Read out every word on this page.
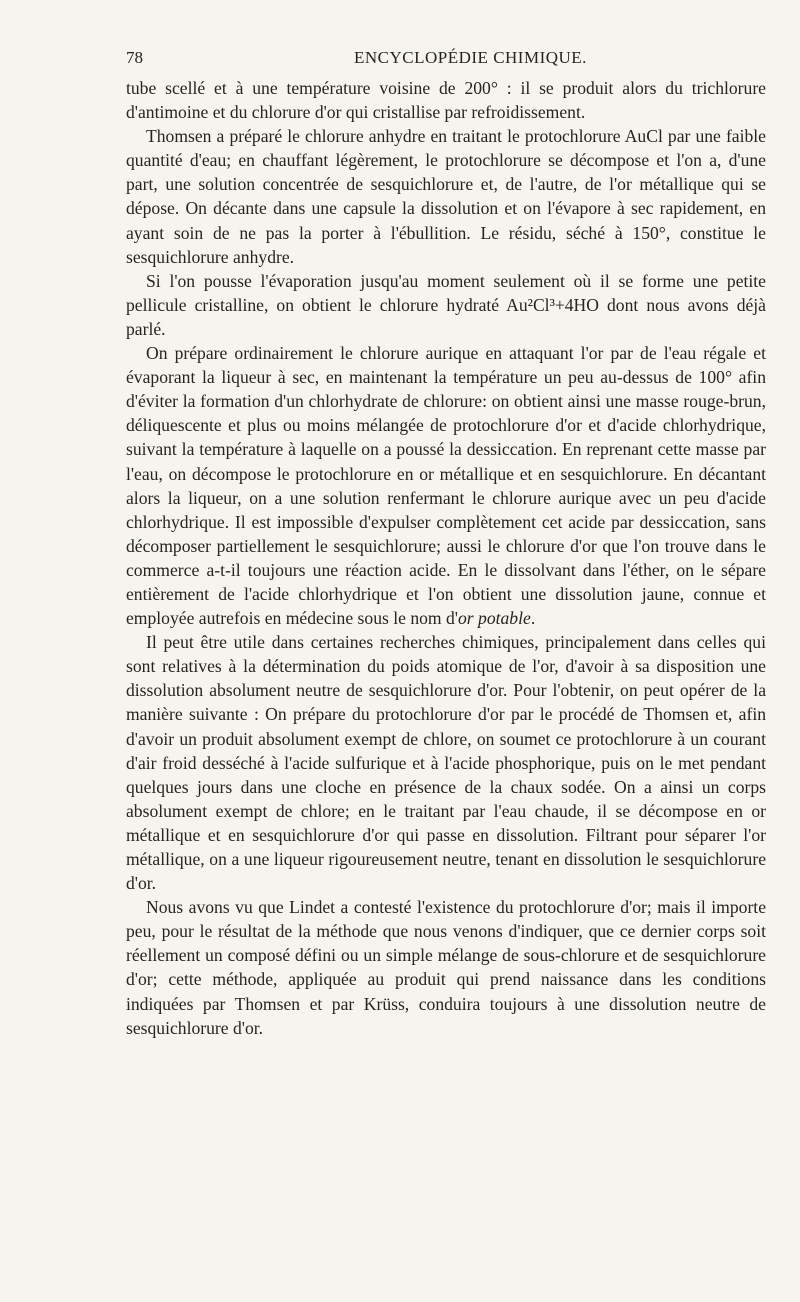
78	ENCYCLOPÉDIE CHIMIQUE.

tube scellé et à une température voisine de 200° : il se produit alors du trichlorure d'antimoine et du chlorure d'or qui cristallise par refroidissement.

Thomsen a préparé le chlorure anhydre en traitant le protochlorure AuCl par une faible quantité d'eau; en chauffant légèrement, le protochlorure se décompose et l'on a, d'une part, une solution concentrée de sesquichlorure et, de l'autre, de l'or métallique qui se dépose. On décante dans une capsule la dissolution et on l'évapore à sec rapidement, en ayant soin de ne pas la porter à l'ébullition. Le résidu, séché à 150°, constitue le sesquichlorure anhydre.

Si l'on pousse l'évaporation jusqu'au moment seulement où il se forme une petite pellicule cristalline, on obtient le chlorure hydraté Au²Cl³+4HO dont nous avons déjà parlé.

On prépare ordinairement le chlorure aurique en attaquant l'or par de l'eau régale et évaporant la liqueur à sec, en maintenant la température un peu au-dessus de 100° afin d'éviter la formation d'un chlorhydrate de chlorure: on obtient ainsi une masse rouge-brun, déliquescente et plus ou moins mélangée de protochlorure d'or et d'acide chlorhydrique, suivant la température à laquelle on a poussé la dessiccation. En reprenant cette masse par l'eau, on décompose le protochlorure en or métallique et en sesquichlorure. En décantant alors la liqueur, on a une solution renfermant le chlorure aurique avec un peu d'acide chlorhydrique. Il est impossible d'expulser complètement cet acide par dessiccation, sans décomposer partiellement le sesquichlorure; aussi le chlorure d'or que l'on trouve dans le commerce a-t-il toujours une réaction acide. En le dissolvant dans l'éther, on le sépare entièrement de l'acide chlorhydrique et l'on obtient une dissolution jaune, connue et employée autrefois en médecine sous le nom d'or potable.

Il peut être utile dans certaines recherches chimiques, principalement dans celles qui sont relatives à la détermination du poids atomique de l'or, d'avoir à sa disposition une dissolution absolument neutre de sesquichlorure d'or. Pour l'obtenir, on peut opérer de la manière suivante : On prépare du protochlorure d'or par le procédé de Thomsen et, afin d'avoir un produit absolument exempt de chlore, on soumet ce protochlorure à un courant d'air froid desséché à l'acide sulfurique et à l'acide phosphorique, puis on le met pendant quelques jours dans une cloche en présence de la chaux sodée. On a ainsi un corps absolument exempt de chlore; en le traitant par l'eau chaude, il se décompose en or métallique et en sesquichlorure d'or qui passe en dissolution. Filtrant pour séparer l'or métallique, on a une liqueur rigoureusement neutre, tenant en dissolution le sesquichlorure d'or.

Nous avons vu que Lindet a contesté l'existence du protochlorure d'or; mais il importe peu, pour le résultat de la méthode que nous venons d'indiquer, que ce dernier corps soit réellement un composé défini ou un simple mélange de sous-chlorure et de sesquichlorure d'or; cette méthode, appliquée au produit qui prend naissance dans les conditions indiquées par Thomsen et par Krüss, conduira toujours à une dissolution neutre de sesquichlorure d'or.
